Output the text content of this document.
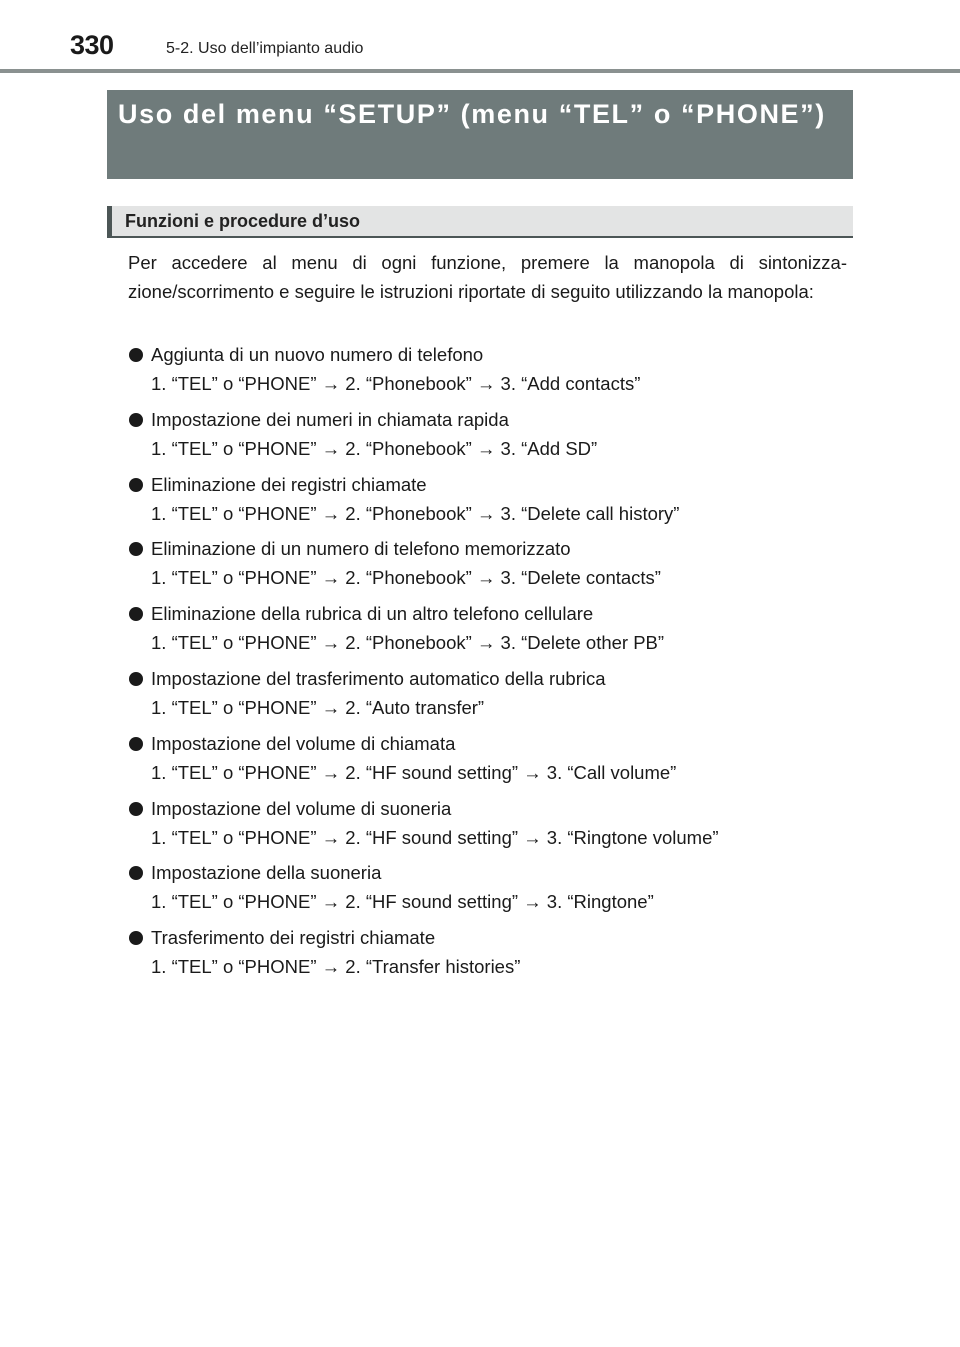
330	5-2. Uso dell’impianto audio
Uso del menu “SETUP” (menu “TEL” o “PHONE”)
Funzioni e procedure d’uso

Per accedere al menu di ogni funzione, premere la manopola di sintonizza-zione/scorrimento e seguire le istruzioni riportate di seguito utilizzando la manopola:

Aggiunta di un nuovo numero di telefono
1. “TEL” o “PHONE” → 2. “Phonebook” → 3. “Add contacts”
Impostazione dei numeri in chiamata rapida
1. “TEL” o “PHONE” → 2. “Phonebook” → 3. “Add SD”
Eliminazione dei registri chiamate
1. “TEL” o “PHONE” → 2. “Phonebook” → 3. “Delete call history”
Eliminazione di un numero di telefono memorizzato
1. “TEL” o “PHONE” → 2. “Phonebook” → 3. “Delete contacts”
Eliminazione della rubrica di un altro telefono cellulare
1. “TEL” o “PHONE” → 2. “Phonebook” → 3. “Delete other PB”
Impostazione del trasferimento automatico della rubrica
1. “TEL” o “PHONE” → 2. “Auto transfer”
Impostazione del volume di chiamata
1. “TEL” o “PHONE” → 2. “HF sound setting” → 3. “Call volume”
Impostazione del volume di suoneria
1. “TEL” o “PHONE” → 2. “HF sound setting” → 3. “Ringtone volume”
Impostazione della suoneria
1. “TEL” o “PHONE” → 2. “HF sound setting” → 3. “Ringtone”
Trasferimento dei registri chiamate
1. “TEL” o “PHONE” → 2. “Transfer histories”
